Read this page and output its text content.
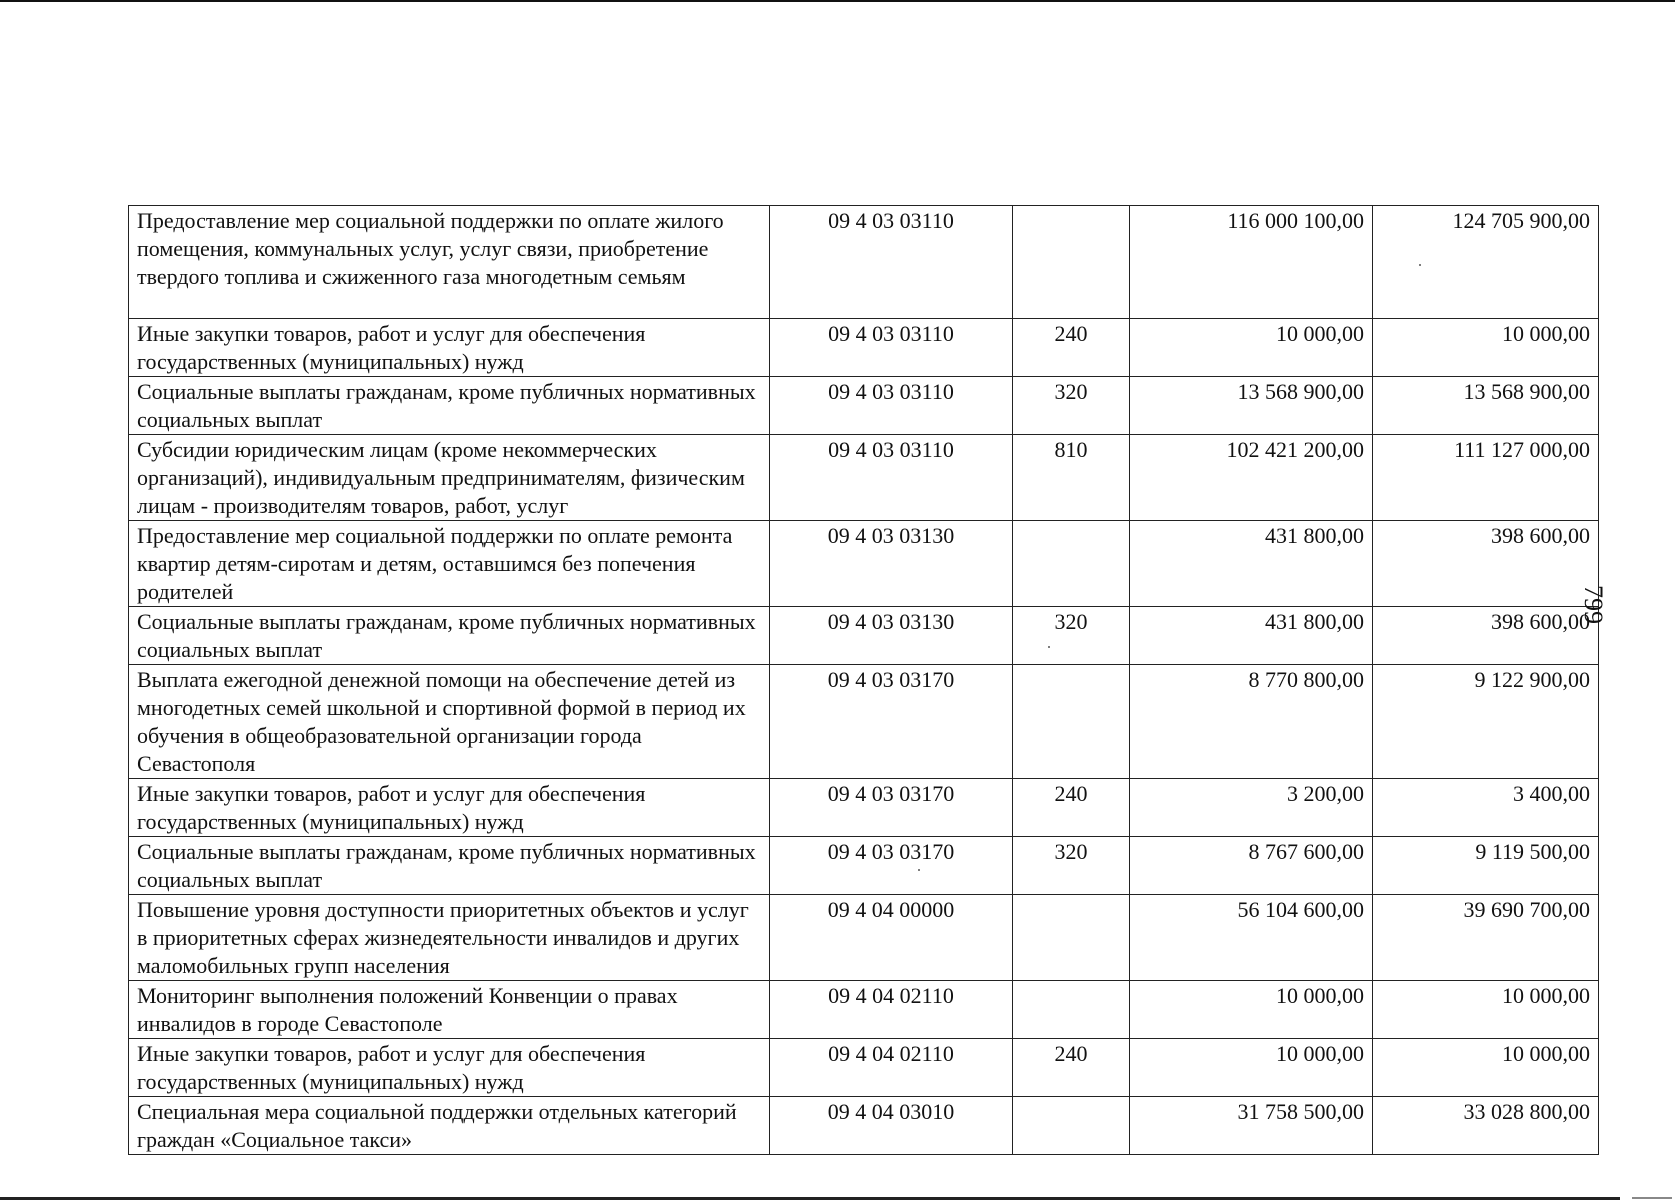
Предоставление мер социальной поддержки по оплате жилого помещения, коммунальных услуг, услуг связи, приобретение твердого топлива и сжиженного газа многодетным семьям	09 4 03 03110		116 000 100,00	124 705 900,00
Иные закупки товаров, работ и услуг для обеспечения государственных (муниципальных) нужд	09 4 03 03110	240	10 000,00	10 000,00
Социальные выплаты гражданам, кроме публичных нормативных социальных выплат	09 4 03 03110	320	13 568 900,00	13 568 900,00
Субсидии юридическим лицам (кроме некоммерческих организаций), индивидуальным предпринимателям, физическим лицам - производителям товаров, работ, услуг	09 4 03 03110	810	102 421 200,00	111 127 000,00
Предоставление мер социальной поддержки по оплате ремонта квартир детям-сиротам и детям, оставшимся без попечения родителей	09 4 03 03130		431 800,00	398 600,00
Социальные выплаты гражданам, кроме публичных нормативных социальных выплат	09 4 03 03130	320	431 800,00	398 600,00
Выплата ежегодной денежной помощи на обеспечение детей из многодетных семей школьной и спортивной формой в период их обучения в общеобразовательной организации города Севастополя	09 4 03 03170		8 770 800,00	9 122 900,00
Иные закупки товаров, работ и услуг для обеспечения государственных (муниципальных) нужд	09 4 03 03170	240	3 200,00	3 400,00
Социальные выплаты гражданам, кроме публичных нормативных социальных выплат	09 4 03 03170	320	8 767 600,00	9 119 500,00
Повышение уровня доступности приоритетных объектов и услуг в приоритетных сферах жизнедеятельности инвалидов и других маломобильных групп населения	09 4 04 00000		56 104 600,00	39 690 700,00
Мониторинг выполнения положений Конвенции о правах инвалидов в городе Севастополе	09 4 04 02110		10 000,00	10 000,00
Иные закупки товаров, работ и услуг для обеспечения государственных (муниципальных) нужд	09 4 04 02110	240	10 000,00	10 000,00
Специальная мера социальной поддержки отдельных категорий граждан «Социальное такси»	09 4 04 03010		31 758 500,00	33 028 800,00
799
